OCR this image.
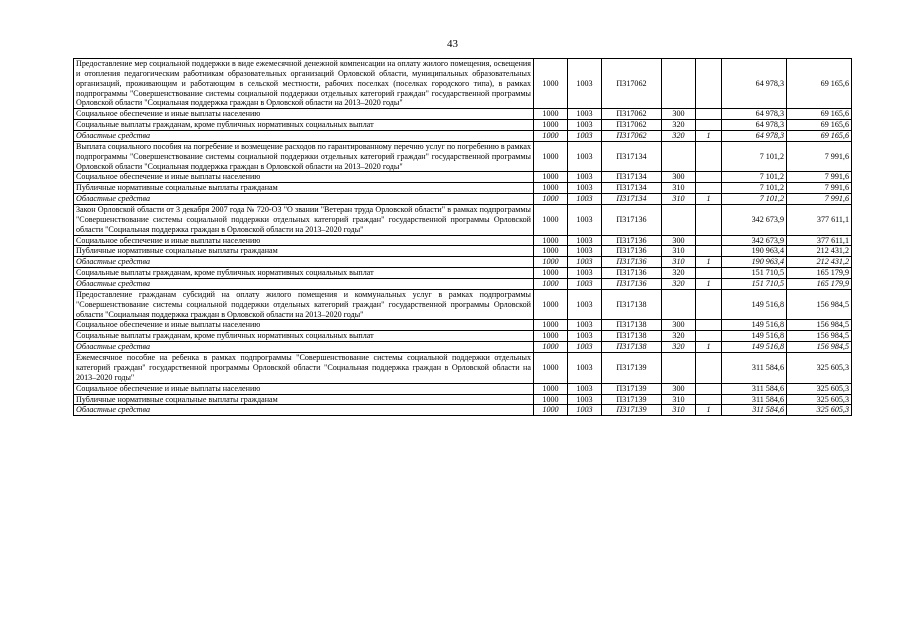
43
Предоставление мер социальной поддержки в виде ежемесячной денежной компенсации на оплату жилого помещения, освещения и отопления педагогическим работникам образовательных организаций Орловской области, муниципальных образовательных организаций, проживающим и работающим в сельской местности, рабочих поселках (поселках городского типа), в рамках подпрограммы "Совершенствование системы социальной поддержки отдельных категорий граждан" государственной программы Орловской области "Социальная поддержка граждан в Орловской области на 2013–2020 годы"	1000	1003	П317062			64 978,3	69 165,6
Социальное обеспечение и иные выплаты населению	1000	1003	П317062	300		64 978,3	69 165,6
Социальные выплаты гражданам, кроме публичных нормативных социальных выплат	1000	1003	П317062	320		64 978,3	69 165,6
Областные средства	1000	1003	П317062	320	1	64 978,3	69 165,6
Выплата социального пособия на погребение и возмещение расходов по гарантированному перечню услуг по погребению в рамках подпрограммы "Совершенствование системы социальной поддержки отдельных категорий граждан" государственной программы Орловской области "Социальная поддержка граждан в Орловской области на 2013–2020 годы"	1000	1003	П317134			7 101,2	7 991,6
Социальное обеспечение и иные выплаты населению	1000	1003	П317134	300		7 101,2	7 991,6
Публичные нормативные социальные выплаты гражданам	1000	1003	П317134	310		7 101,2	7 991,6
Областные средства	1000	1003	П317134	310	1	7 101,2	7 991,6
Закон Орловской области от 3 декабря 2007 года № 720-ОЗ "О звании "Ветеран труда Орловской области" в рамках подпрограммы "Совершенствование системы социальной поддержки отдельных категорий граждан" государственной программы Орловской области "Социальная поддержка граждан в Орловской области на 2013–2020 годы"	1000	1003	П317136			342 673,9	377 611,1
Социальное обеспечение и иные выплаты населению	1000	1003	П317136	300		342 673,9	377 611,1
Публичные нормативные социальные выплаты гражданам	1000	1003	П317136	310		190 963,4	212 431,2
Областные средства	1000	1003	П317136	310	1	190 963,4	212 431,2
Социальные выплаты гражданам, кроме публичных нормативных социальных выплат	1000	1003	П317136	320		151 710,5	165 179,9
Областные средства	1000	1003	П317136	320	1	151 710,5	165 179,9
Предоставление гражданам субсидий на оплату жилого помещения и коммунальных услуг в рамках подпрограммы "Совершенствование системы социальной поддержки отдельных категорий граждан" государственной программы Орловской области "Социальная поддержка граждан в Орловской области на 2013–2020 годы"	1000	1003	П317138			149 516,8	156 984,5
Социальное обеспечение и иные выплаты населению	1000	1003	П317138	300		149 516,8	156 984,5
Социальные выплаты гражданам, кроме публичных нормативных социальных выплат	1000	1003	П317138	320		149 516,8	156 984,5
Областные средства	1000	1003	П317138	320	1	149 516,8	156 984,5
Ежемесячное пособие на ребенка в рамках подпрограммы "Совершенствование системы социальной поддержки отдельных категорий граждан" государственной программы Орловской области "Социальная поддержка граждан в Орловской области на 2013–2020 годы"	1000	1003	П317139			311 584,6	325 605,3
Социальное обеспечение и иные выплаты населению	1000	1003	П317139	300		311 584,6	325 605,3
Публичные нормативные социальные выплаты гражданам	1000	1003	П317139	310		311 584,6	325 605,3
Областные средства	1000	1003	П317139	310	1	311 584,6	325 605,3
